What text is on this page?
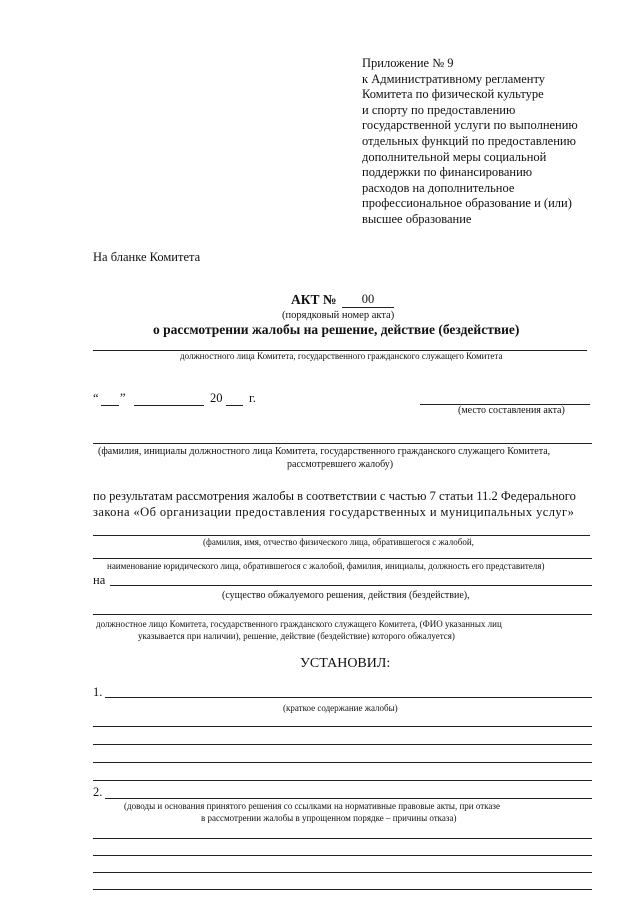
Приложение № 9
к Административному регламенту
Комитета по физической культуре
и спорту по предоставлению
государственной услуги по выполнению
отдельных функций по предоставлению
дополнительной меры социальной
поддержки по финансированию
расходов на дополнительное
профессиональное образование и (или)
высшее образование
На бланке Комитета
АКТ №	00
(порядковый номер акта)
о рассмотрении жалобы на решение, действие (бездействие)
должностного лица Комитета, государственного гражданского служащего Комитета
“ ”	20 г.
(место составления акта)
(фамилия, инициалы должностного лица Комитета, государственного гражданского служащего Комитета,
рассмотревшего жалобу)
по результатам рассмотрения жалобы в соответствии с частью 7 статьи 11.2 Федерального
закона «Об организации предоставления государственных и муниципальных услуг»
(фамилия, имя, отчество физического лица, обратившегося с жалобой,
наименование юридического лица, обратившегося с жалобой, фамилия, инициалы, должность его представителя)
на
(существо обжалуемого решения, действия (бездействие),
должностное лицо Комитета, государственного гражданского служащего Комитета, (ФИО указанных лиц
указывается при наличии), решение, действие (бездействие) которого обжалуется)
УСТАНОВИЛ:
1.
(краткое содержание жалобы)
2.
(доводы и основания принятого решения со ссылками на нормативные правовые акты, при отказе
в рассмотрении жалобы в упрощенном порядке – причины отказа)
